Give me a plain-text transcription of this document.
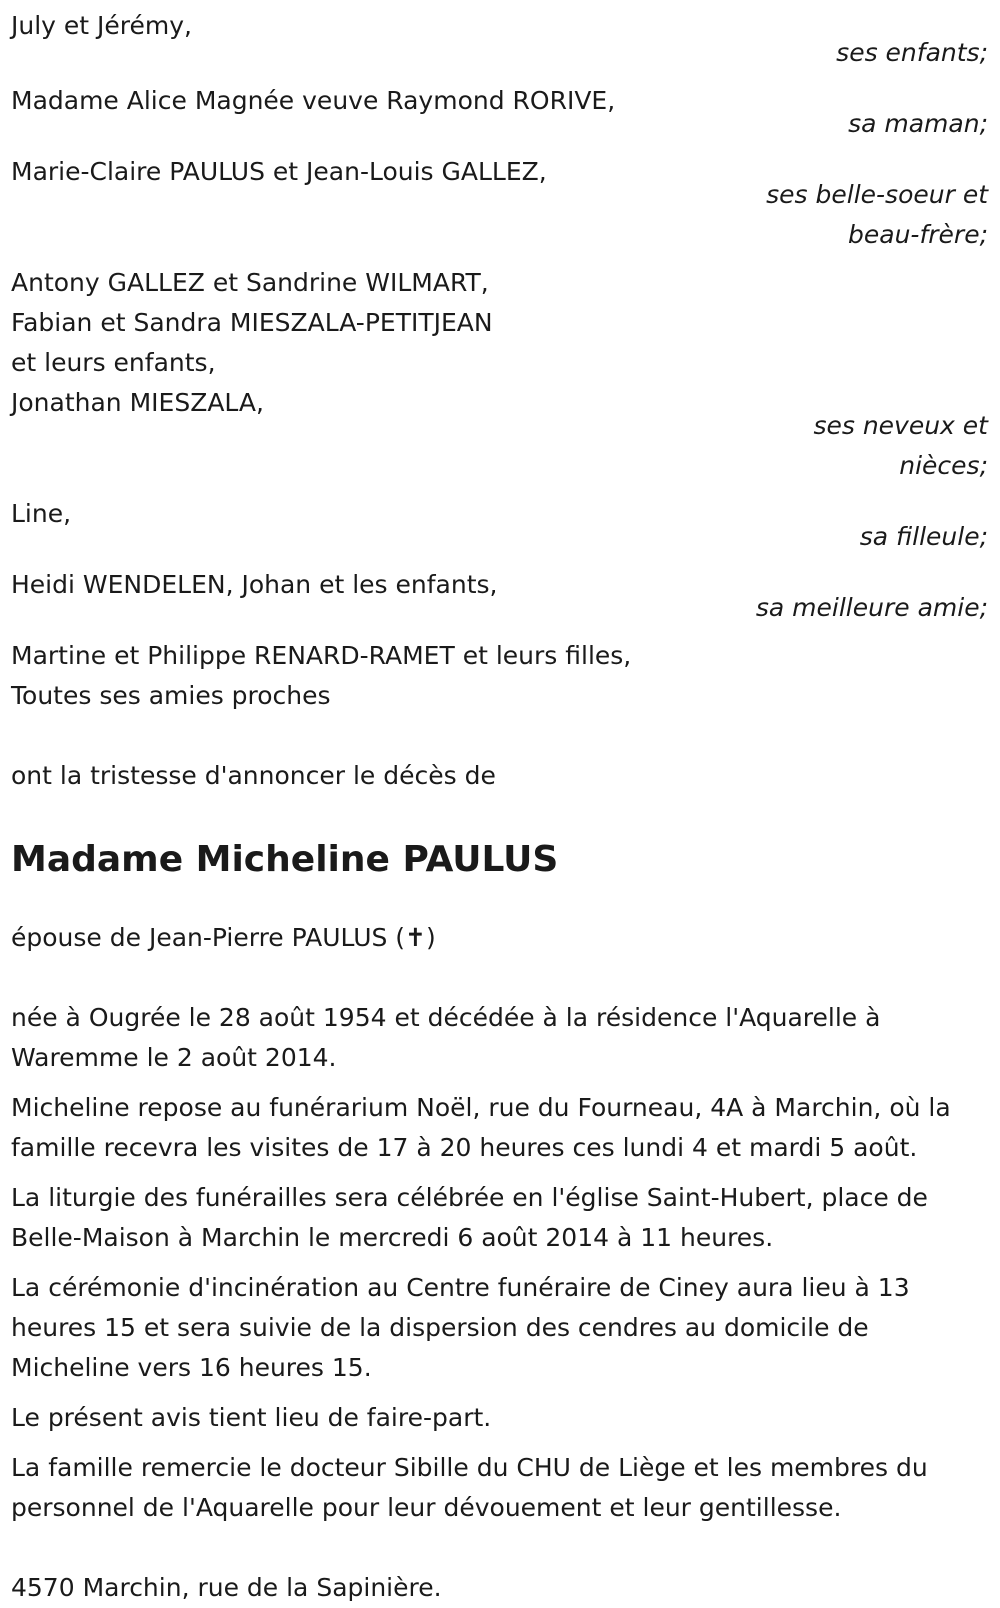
July et Jérémy,
ses enfants;
Madame Alice Magnée veuve Raymond RORIVE,
sa maman;
Marie-Claire PAULUS et Jean-Louis GALLEZ,
ses belle-soeur et
beau-frère;
Antony GALLEZ et Sandrine WILMART,
Fabian et Sandra MIESZALA-PETITJEAN
et leurs enfants,
Jonathan MIESZALA,
ses neveux et
nièces;
Line,
sa filleule;
Heidi WENDELEN, Johan et les enfants,
sa meilleure amie;
Martine et Philippe RENARD-RAMET et leurs filles,
Toutes ses amies proches
ont la tristesse d'annoncer le décès de
Madame Micheline PAULUS
épouse de Jean-Pierre PAULUS (✝)
née à Ougrée le 28 août 1954 et décédée à la résidence l'Aquarelle à Waremme le 2 août 2014.
Micheline repose au funérarium Noël, rue du Fourneau, 4A à Marchin, où la famille recevra les visites de 17 à 20 heures ces lundi 4 et mardi 5 août.
La liturgie des funérailles sera célébrée en l'église Saint-Hubert, place de Belle-Maison à Marchin le mercredi 6 août 2014 à 11 heures.
La cérémonie d'incinération au Centre funéraire de Ciney aura lieu à 13 heures 15 et sera suivie de la dispersion des cendres au domicile de Micheline vers 16 heures 15.
Le présent avis tient lieu de faire-part.
La famille remercie le docteur Sibille du CHU de Liège et les membres du personnel de l'Aquarelle pour leur dévouement et leur gentillesse.
4570 Marchin, rue de la Sapinière.
